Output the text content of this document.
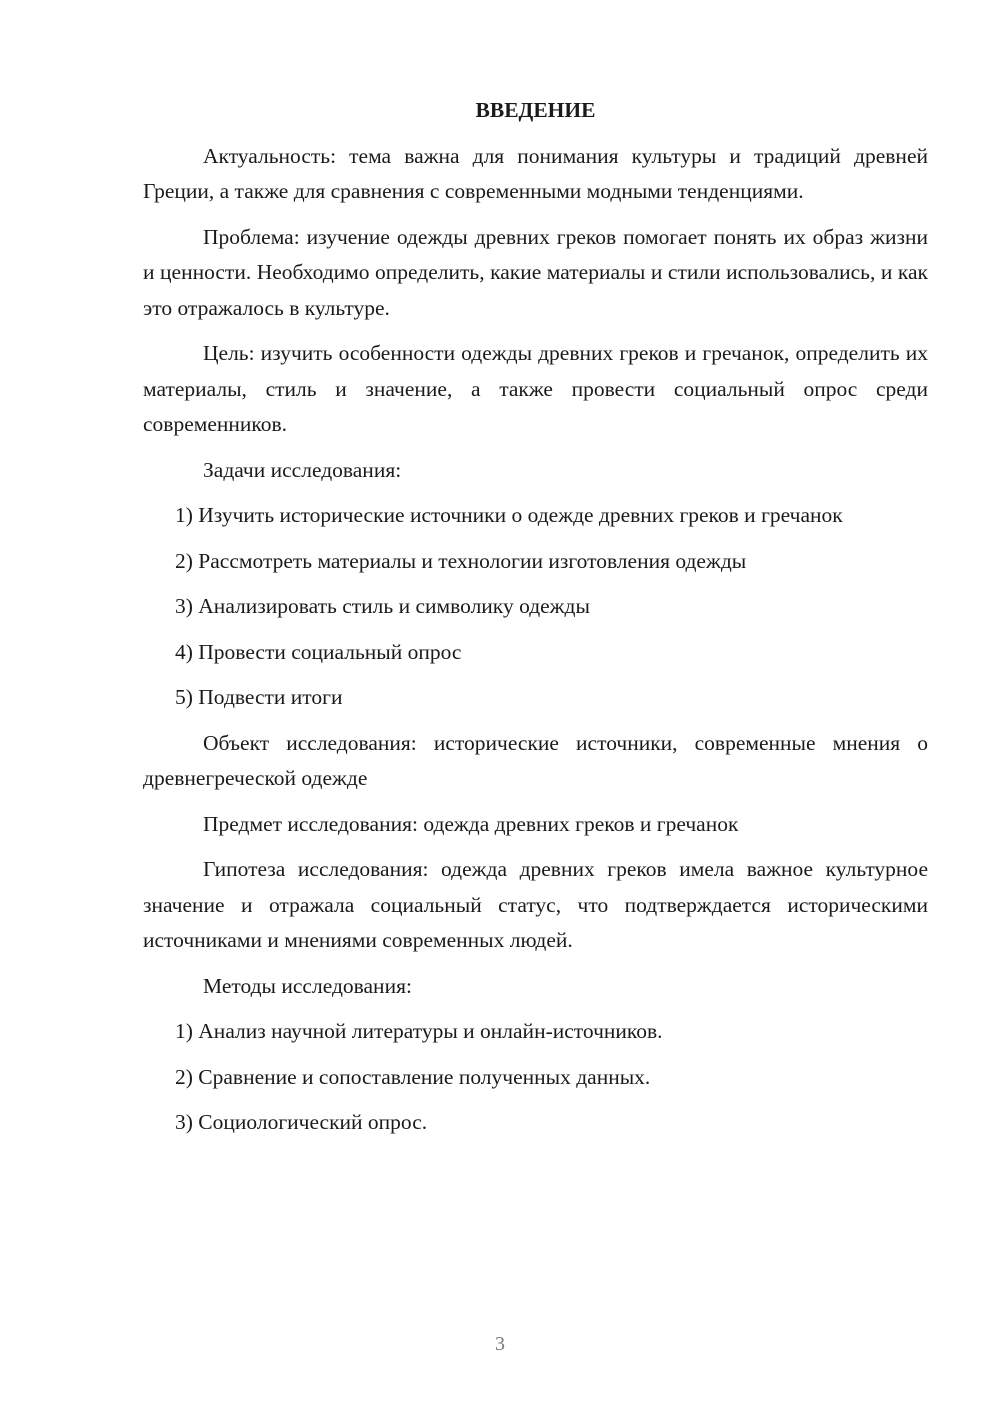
ВВЕДЕНИЕ
Актуальность: тема важна для понимания культуры и традиций древней Греции, а также для сравнения с современными модными тенденциями.
Проблема: изучение одежды древних греков помогает понять их образ жизни и ценности. Необходимо определить, какие материалы и стили использовались, и как это отражалось в культуре.
Цель: изучить особенности одежды древних греков и гречанок, определить их материалы, стиль и значение, а также провести социальный опрос среди современников.
Задачи исследования:
1) Изучить исторические источники о одежде древних греков и гречанок
2) Рассмотреть материалы и технологии изготовления одежды
3) Анализировать стиль и символику одежды
4) Провести социальный опрос
5) Подвести итоги
Объект исследования: исторические источники, современные мнения о древнегреческой одежде
Предмет исследования: одежда древних греков и гречанок
Гипотеза исследования: одежда древних греков имела важное культурное значение и отражала социальный статус, что подтверждается историческими источниками и мнениями современных людей.
Методы исследования:
1) Анализ научной литературы и онлайн-источников.
2) Сравнение и сопоставление полученных данных.
3) Социологический опрос.
3
